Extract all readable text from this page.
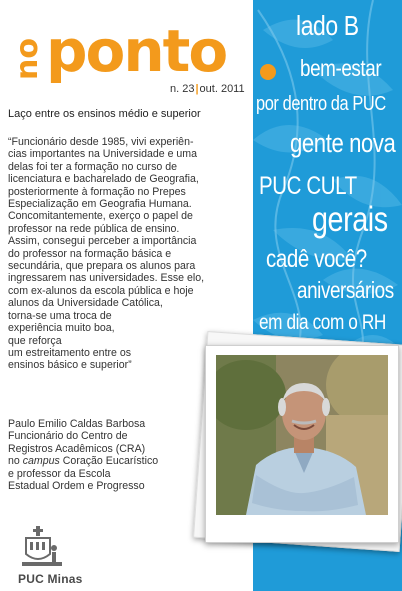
no ponto
n. 23|out. 2011
Laço entre os ensinos médio e superior
“Funcionário desde 1985, vivi experiên-
cias importantes na Universidade e uma
delas foi ter a formação no curso de
licenciatura e bacharelado de Geografia,
posteriormente à formação no Prepes
Especialização em Geografia Humana.
Concomitantemente, exerço o papel de
professor na rede pública de ensino.
Assim, consegui perceber a importância
do professor na formação básica e
secundária, que prepara os alunos para
ingressarem nas universidades. Esse elo,
com ex-alunos da escola pública e hoje
alunos da Universidade Católica,
torna-se uma troca de
experiência muito boa,
que reforça
um estreitamento entre os
ensinos básico e superior”
Paulo Emilio Caldas Barbosa
Funcionário do Centro de
Registros Acadêmicos (CRA)
no campus Coração Eucarístico
e professor da Escola
Estadual Ordem e Progresso
lado B
bem-estar
por dentro da PUC
gente nova
PUC CULT
gerais
cadê você?
aniversários
em dia com o RH
PUC Minas
